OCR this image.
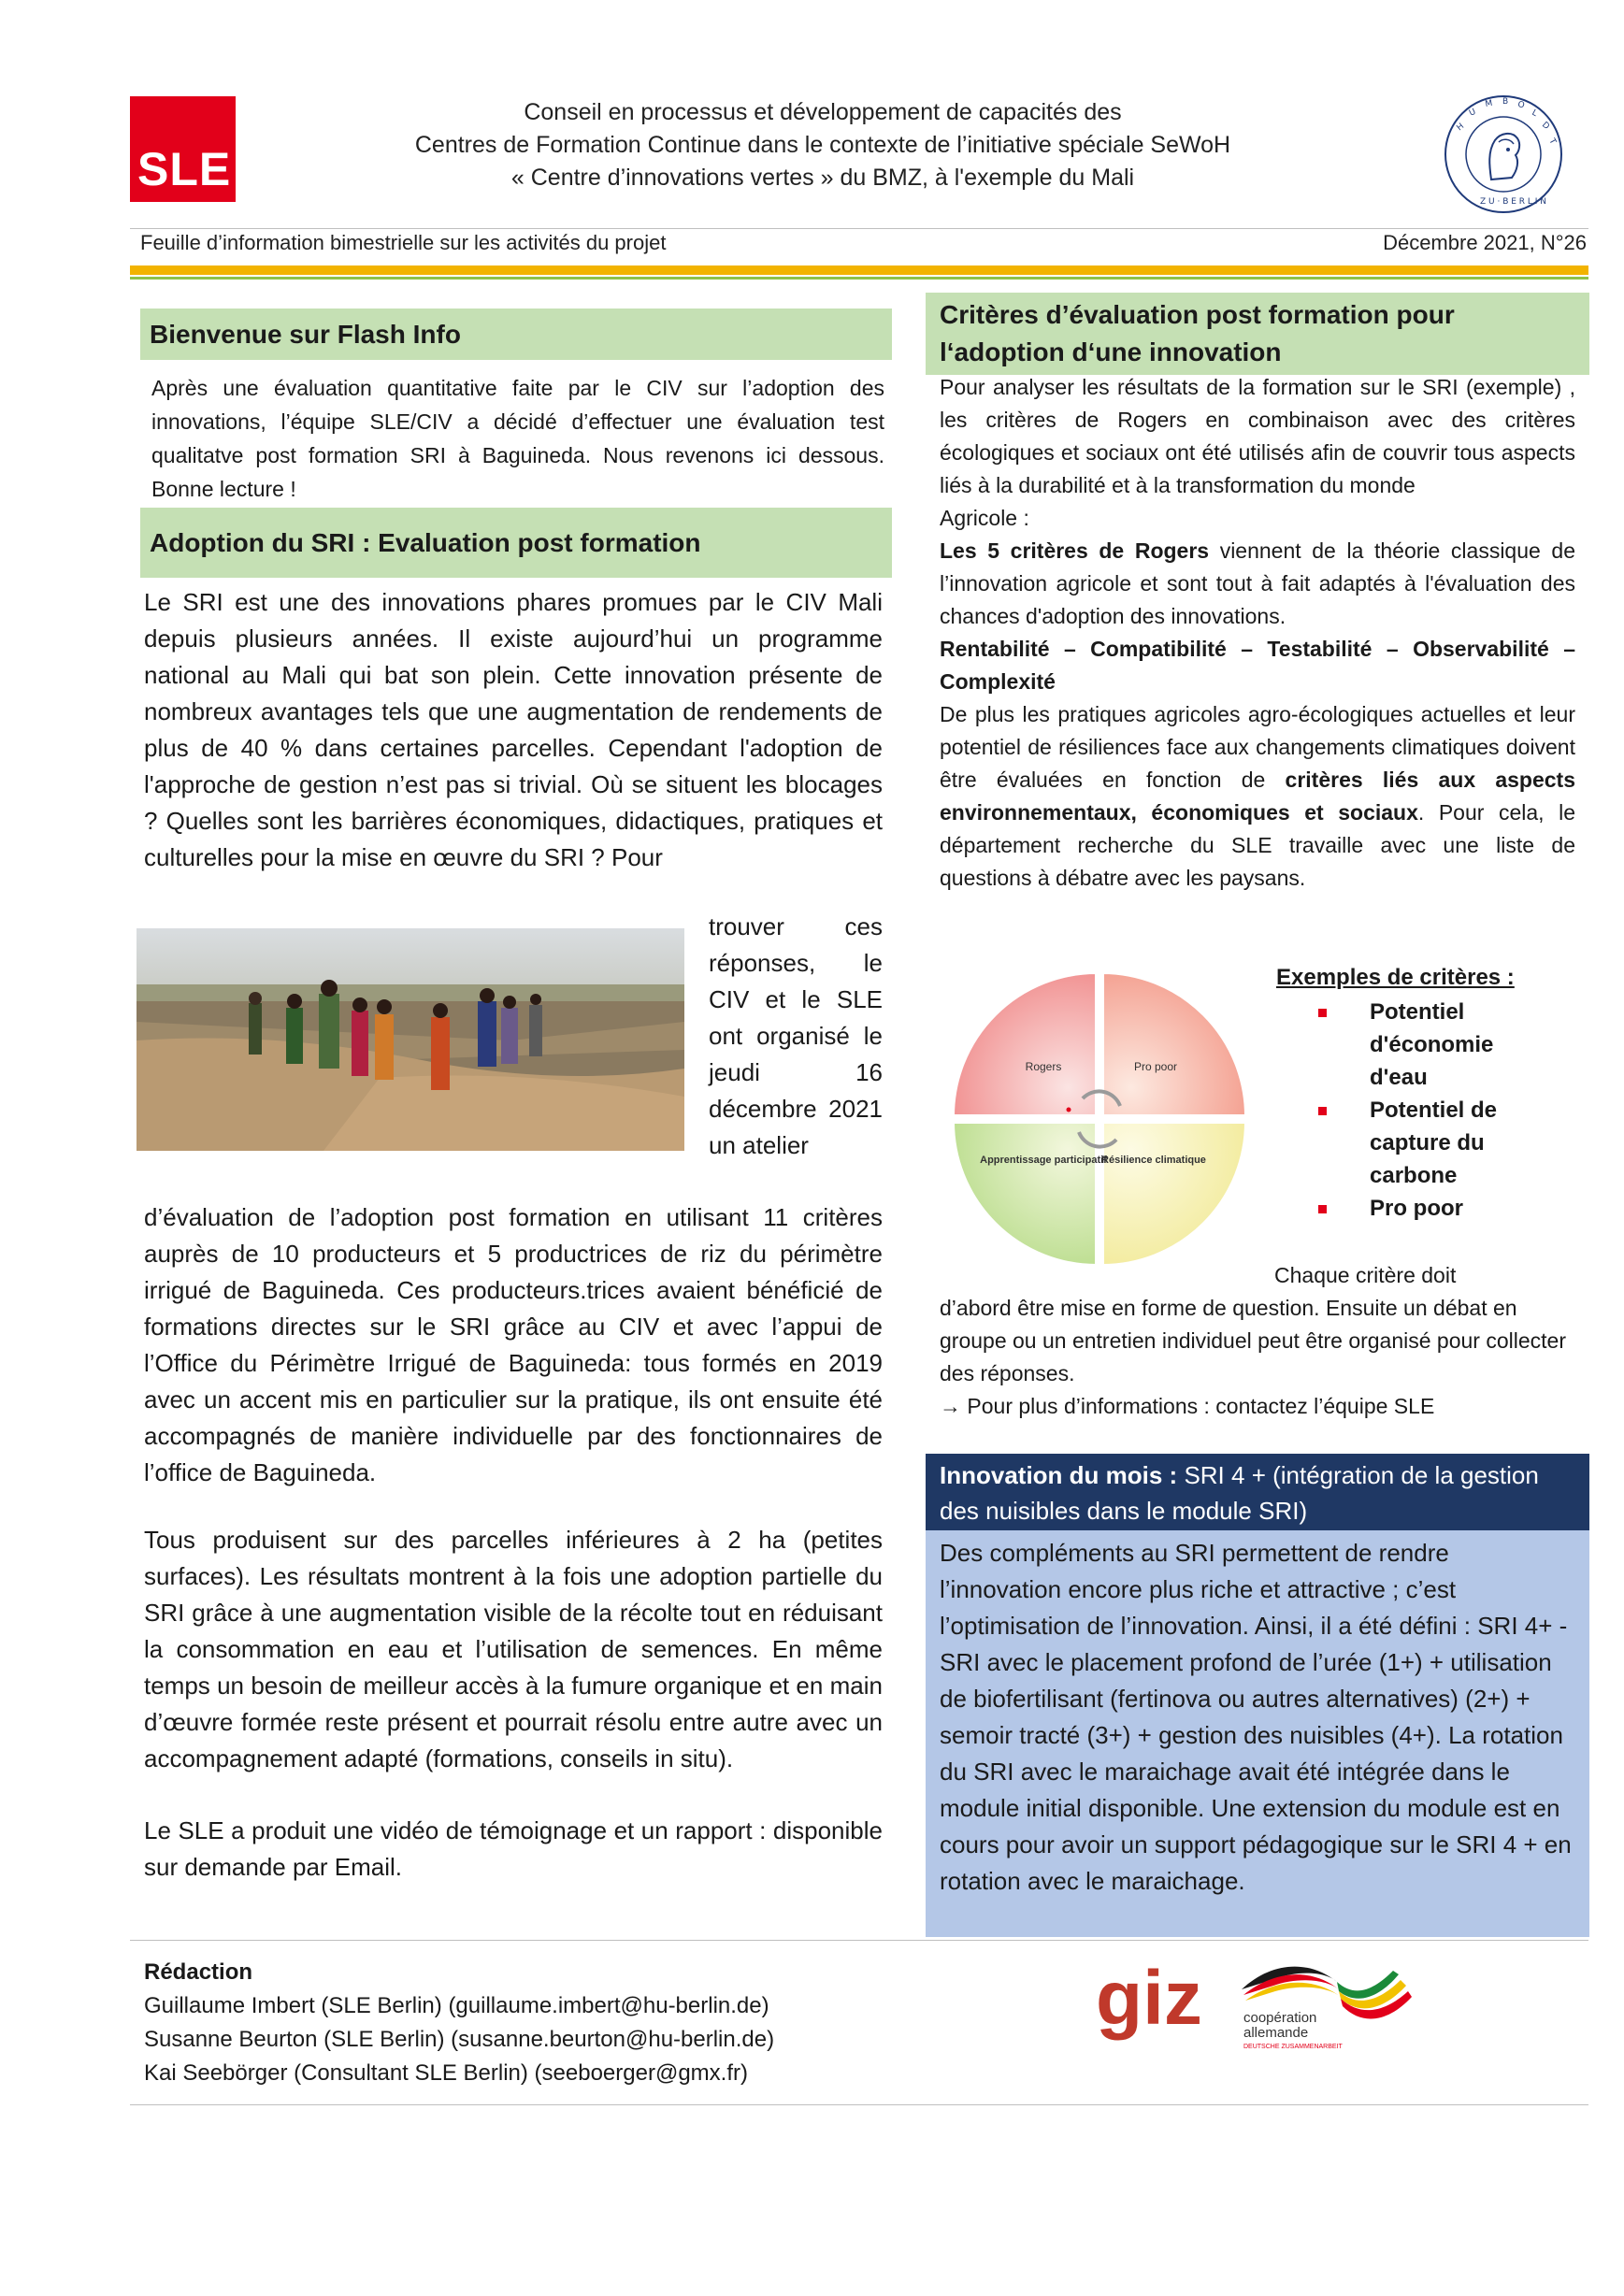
SLE
Conseil en processus et développement de capacités des
Centres de Formation Continue dans le contexte de l’initiative spéciale SeWoH
« Centre d’innovations vertes » du BMZ, à l'exemple du Mali
H
U
M B O
L
D
T
Z U · B E R L I N
Feuille d’information bimestrielle sur les activités du projet	Décembre 2021, N°26
Bienvenue sur Flash Info
Après une évaluation quantitative faite par le CIV sur l’adoption des innovations, l’équipe SLE/CIV a décidé d’effectuer une évaluation test qualitatve post formation SRI à Baguineda. Nous revenons ici dessous. Bonne lecture !
Adoption du SRI : Evaluation post formation
Le SRI est une des innovations phares promues par le CIV Mali depuis plusieurs années. Il existe aujourd’hui un programme national au Mali qui bat son plein. Cette innovation présente de nombreux avantages tels que une augmentation de rendements de plus de 40 % dans certaines parcelles. Cependant l'adoption de l'approche de gestion n’est pas si trivial. Où se situent les blocages ? Quelles sont les barrières économiques, didactiques, pratiques et culturelles pour la mise en œuvre du SRI ? Pour
trouver ces réponses, le CIV et le SLE ont organisé le jeudi 16 décembre 2021 un atelier
d’évaluation de l’adoption post formation en utilisant 11 critères auprès de 10 producteurs et 5 productrices de riz du périmètre irrigué de Baguineda. Ces producteurs.trices avaient bénéficié de formations directes sur le SRI grâce au CIV et avec l’appui de l’Office du Périmètre Irrigué de Baguineda: tous formés en 2019 avec un accent mis en particulier sur la pratique, ils ont ensuite été accompagnés de manière individuelle par des fonctionnaires de l’office de Baguineda.
Tous produisent sur des parcelles inférieures à 2 ha (petites surfaces). Les résultats montrent à la fois une adoption partielle du SRI grâce à une augmentation visible de la récolte tout en réduisant la consommation en eau et l’utilisation de semences. En même temps un besoin de meilleur accès à la fumure organique et en main d’œuvre formée reste présent et pourrait résolu entre autre avec un accompagnement adapté (formations, conseils in situ).
Le SLE a produit une vidéo de témoignage et un rapport : disponible sur demande par Email.
Critères d’évaluation post formation pour l‘adoption d‘une innovation

Pour analyser les résultats de la formation sur le SRI (exemple) , les critères de Rogers en combinaison avec des critères écologiques et sociaux ont été utilisés afin de couvrir tous aspects liés à la durabilité et à la transformation du monde

Agricole :

Les 5 critères de Rogers viennent de la théorie classique de l’innovation agricole et sont tout à fait adaptés à l'évaluation des chances d'adoption des innovations.

Rentabilité – Compatibilité – Testabilité – Observabilité – Complexité

De plus les pratiques agricoles agro-écologiques actuelles et leur potentiel de résiliences face aux changements climatiques doivent être évaluées en fonction de critères liés aux aspects environnementaux, économiques et sociaux. Pour cela, le département recherche du SLE travaille avec une liste de questions à débatre avec les paysans.

Rogers	Pro poor
Apprentissage participatif
Résilience climatique
Exemples de critères :
Potentiel d'économie d'eau
Potentiel de capture du carbone
Pro poor
Chaque critère doit
d’abord être mise en forme de question. Ensuite un débat en groupe ou un entretien individuel peut être organisé pour collecter des réponses.
→ Pour plus d’informations : contactez l’équipe SLE
Innovation du mois : SRI 4 + (intégration de la gestion des nuisibles dans le module SRI)
Des compléments au SRI permettent de rendre l’innovation encore plus riche et attractive ; c’est l’optimisation de l’innovation. Ainsi, il a été défini : SRI 4+ - SRI avec le placement profond de l’urée (1+) + utilisation de biofertilisant (fertinova ou autres alternatives) (2+) + semoir tracté (3+) + gestion des nuisibles (4+). La rotation du SRI avec le maraichage avait été intégrée dans le module initial disponible. Une extension du module est en cours pour avoir un support pédagogique sur le SRI 4 + en rotation avec le maraichage.
Rédaction
Guillaume Imbert (SLE Berlin) (guillaume.imbert@hu-berlin.de)
Susanne Beurton (SLE Berlin) (susanne.beurton@hu-berlin.de)
Kai Seebörger (Consultant SLE Berlin) (seeboerger@gmx.fr)
giz	coopération
allemande
DEUTSCHE ZUSAMMENARBEIT
